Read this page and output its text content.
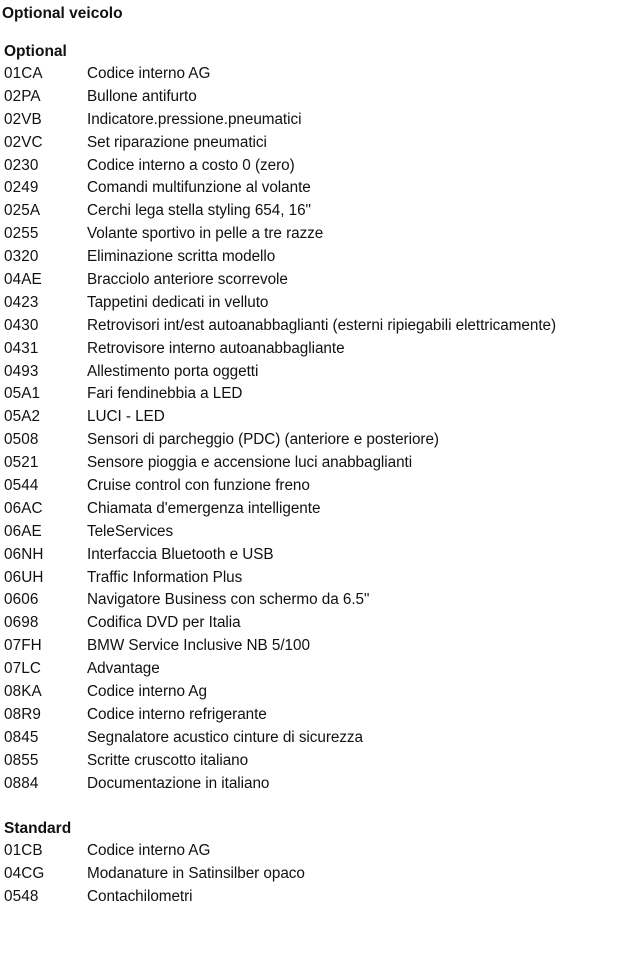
Optional veicolo
Optional
01CA	Codice interno AG
02PA	Bullone antifurto
02VB	Indicatore.pressione.pneumatici
02VC	Set riparazione pneumatici
0230	Codice interno a costo 0 (zero)
0249	Comandi multifunzione al volante
025A	Cerchi lega stella styling 654, 16"
0255	Volante sportivo in pelle a tre razze
0320	Eliminazione scritta modello
04AE	Bracciolo anteriore scorrevole
0423	Tappetini dedicati in velluto
0430	Retrovisori int/est autoanabbaglianti (esterni ripiegabili elettricamente)
0431	Retrovisore interno autoanabbagliante
0493	Allestimento porta oggetti
05A1	Fari fendinebbia a LED
05A2	LUCI - LED
0508	Sensori di parcheggio (PDC) (anteriore e posteriore)
0521	Sensore pioggia e accensione luci anabbaglianti
0544	Cruise control con funzione freno
06AC	Chiamata d'emergenza intelligente
06AE	TeleServices
06NH	Interfaccia Bluetooth e USB
06UH	Traffic Information Plus
0606	Navigatore Business con schermo da 6.5"
0698	Codifica DVD per Italia
07FH	BMW Service Inclusive NB 5/100
07LC	Advantage
08KA	Codice interno Ag
08R9	Codice interno refrigerante
0845	Segnalatore acustico cinture di sicurezza
0855	Scritte cruscotto italiano
0884	Documentazione in italiano
Standard
01CB	Codice interno AG
04CG	Modanature in Satinsilber opaco
0548	Contachilometri
